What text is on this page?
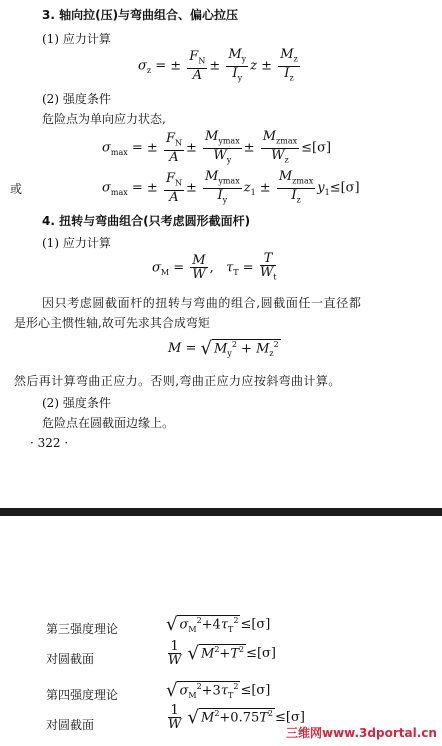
3. 轴向拉(压)与弯曲组合、偏心拉压
(1) 应力计算
$\sigma_z$ = ± $\frac{F_N}{A} \pm \frac{M_y}{I_y}$ $z \pm \frac{M_z}{I_z}$
(2) 强度条件
危险点为单向应力状态,
$\sigma_{max}$ = ± $\frac{F_N}{A} \pm \frac{M_{ymax}}{W_y} \pm \frac{M_{zmax}}{W_z} \le[\sigma]$
或	$\sigma_{max}$ = ± $\frac{F_N}{A} \pm \frac{M_{ymax}}{I_y} z_1 \pm \frac{M_{zmax}}{I_z} y_1\le[\sigma]$
4. 扭转与弯曲组合(只考虑圆形截面杆)
(1) 应力计算
$\sigma_M = \frac{M}{W}$ ,   $\tau_T = \frac{T}{W_t}$
因只考虑圆截面杆的扭转与弯曲的组合,圆截面任一直径都
是形心主惯性轴,故可先求其合成弯矩
M = √ $M_y^2 + M_z^2$
然后再计算弯曲正应力。否则,弯曲正应力应按斜弯曲计算。
(2) 强度条件
危险点在圆截面边缘上。
· 322 ·
第三强度理论	√ $\sigma_M^2+4\tau_T^2 \le[\sigma]$
对圆截面	$\frac{1}{W}$ √ $M^2+T^2 \le[\sigma]$
第四强度理论	√ $\sigma_M^2+3\tau_T^2 \le[\sigma]$
对圆截面	$\frac{1}{W}$ √ $M^2+0.75T^2 \le[\sigma]$
三维网www.3dportal.cn
